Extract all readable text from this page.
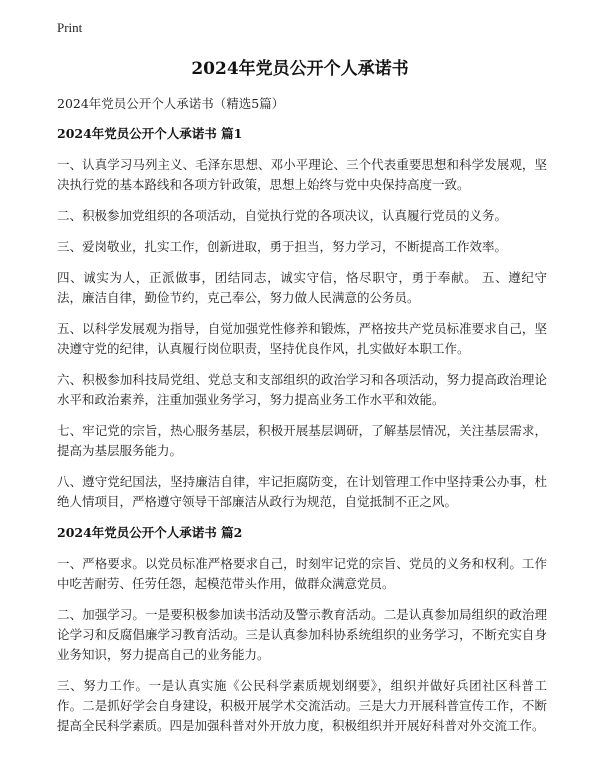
Print
2024年党员公开个人承诺书

2024年党员公开个人承诺书（精选5篇）

2024年党员公开个人承诺书 篇1

一、认真学习马列主义、毛泽东思想、邓小平理论、三个代表重要思想和科学发展观，坚决执行党的基本路线和各项方针政策，思想上始终与党中央保持高度一致。

二、积极参加党组织的各项活动，自觉执行党的各项决议，认真履行党员的义务。

三、爱岗敬业，扎实工作，创新进取，勇于担当，努力学习，不断提高工作效率。

四、诚实为人，正派做事，团结同志，诚实守信，恪尽职守，勇于奉献。 五、遵纪守法，廉洁自律，勤俭节约，克己奉公，努力做人民满意的公务员。

五、以科学发展观为指导，自觉加强党性修养和锻炼，严格按共产党员标准要求自己，坚决遵守党的纪律，认真履行岗位职责，坚持优良作风，扎实做好本职工作。

六、积极参加科技局党组、党总支和支部组织的政治学习和各项活动，努力提高政治理论水平和政治素养，注重加强业务学习，努力提高业务工作水平和效能。

七、牢记党的宗旨，热心服务基层，积极开展基层调研，了解基层情况，关注基层需求，提高为基层服务能力。

八、遵守党纪国法，坚持廉洁自律，牢记拒腐防变，在计划管理工作中坚持秉公办事，杜绝人情项目，严格遵守领导干部廉洁从政行为规范，自觉抵制不正之风。

2024年党员公开个人承诺书 篇2

一、严格要求。以党员标准严格要求自己，时刻牢记党的宗旨、党员的义务和权利。工作中吃苦耐劳、任劳任怨，起模范带头作用，做群众满意党员。

二、加强学习。一是要积极参加读书活动及警示教育活动。二是认真参加局组织的政治理论学习和反腐倡廉学习教育活动。三是认真参加科协系统组织的业务学习，不断充实自身业务知识，努力提高自己的业务能力。

三、努力工作。一是认真实施《公民科学素质规划纲要》，组织并做好兵团社区科普工作。二是抓好学会自身建设，积极开展学术交流活动。三是大力开展科普宣传工作，不断提高全民科学素质。四是加强科普对外开放力度，积极组织并开展好科普对外交流工作。
